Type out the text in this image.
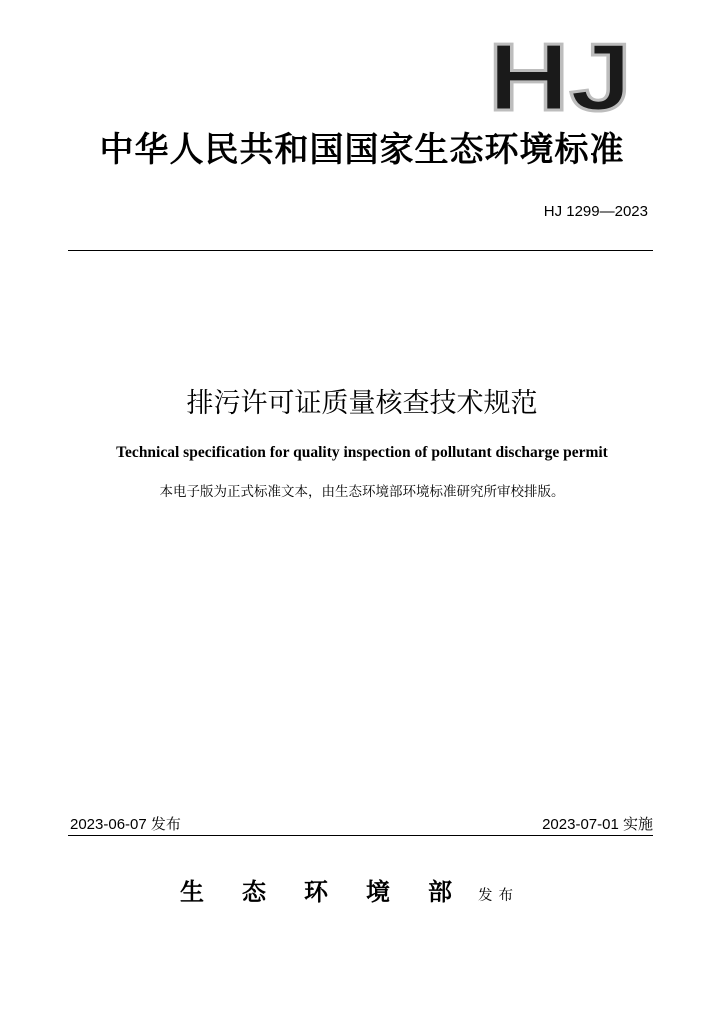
HJ
中华人民共和国国家生态环境标准
HJ 1299—2023
排污许可证质量核查技术规范
Technical specification for quality inspection of pollutant discharge permit
本电子版为正式标准文本，由生态环境部环境标准研究所审校排版。
2023-06-07 发布	2023-07-01 实施
生态环境部
发布
